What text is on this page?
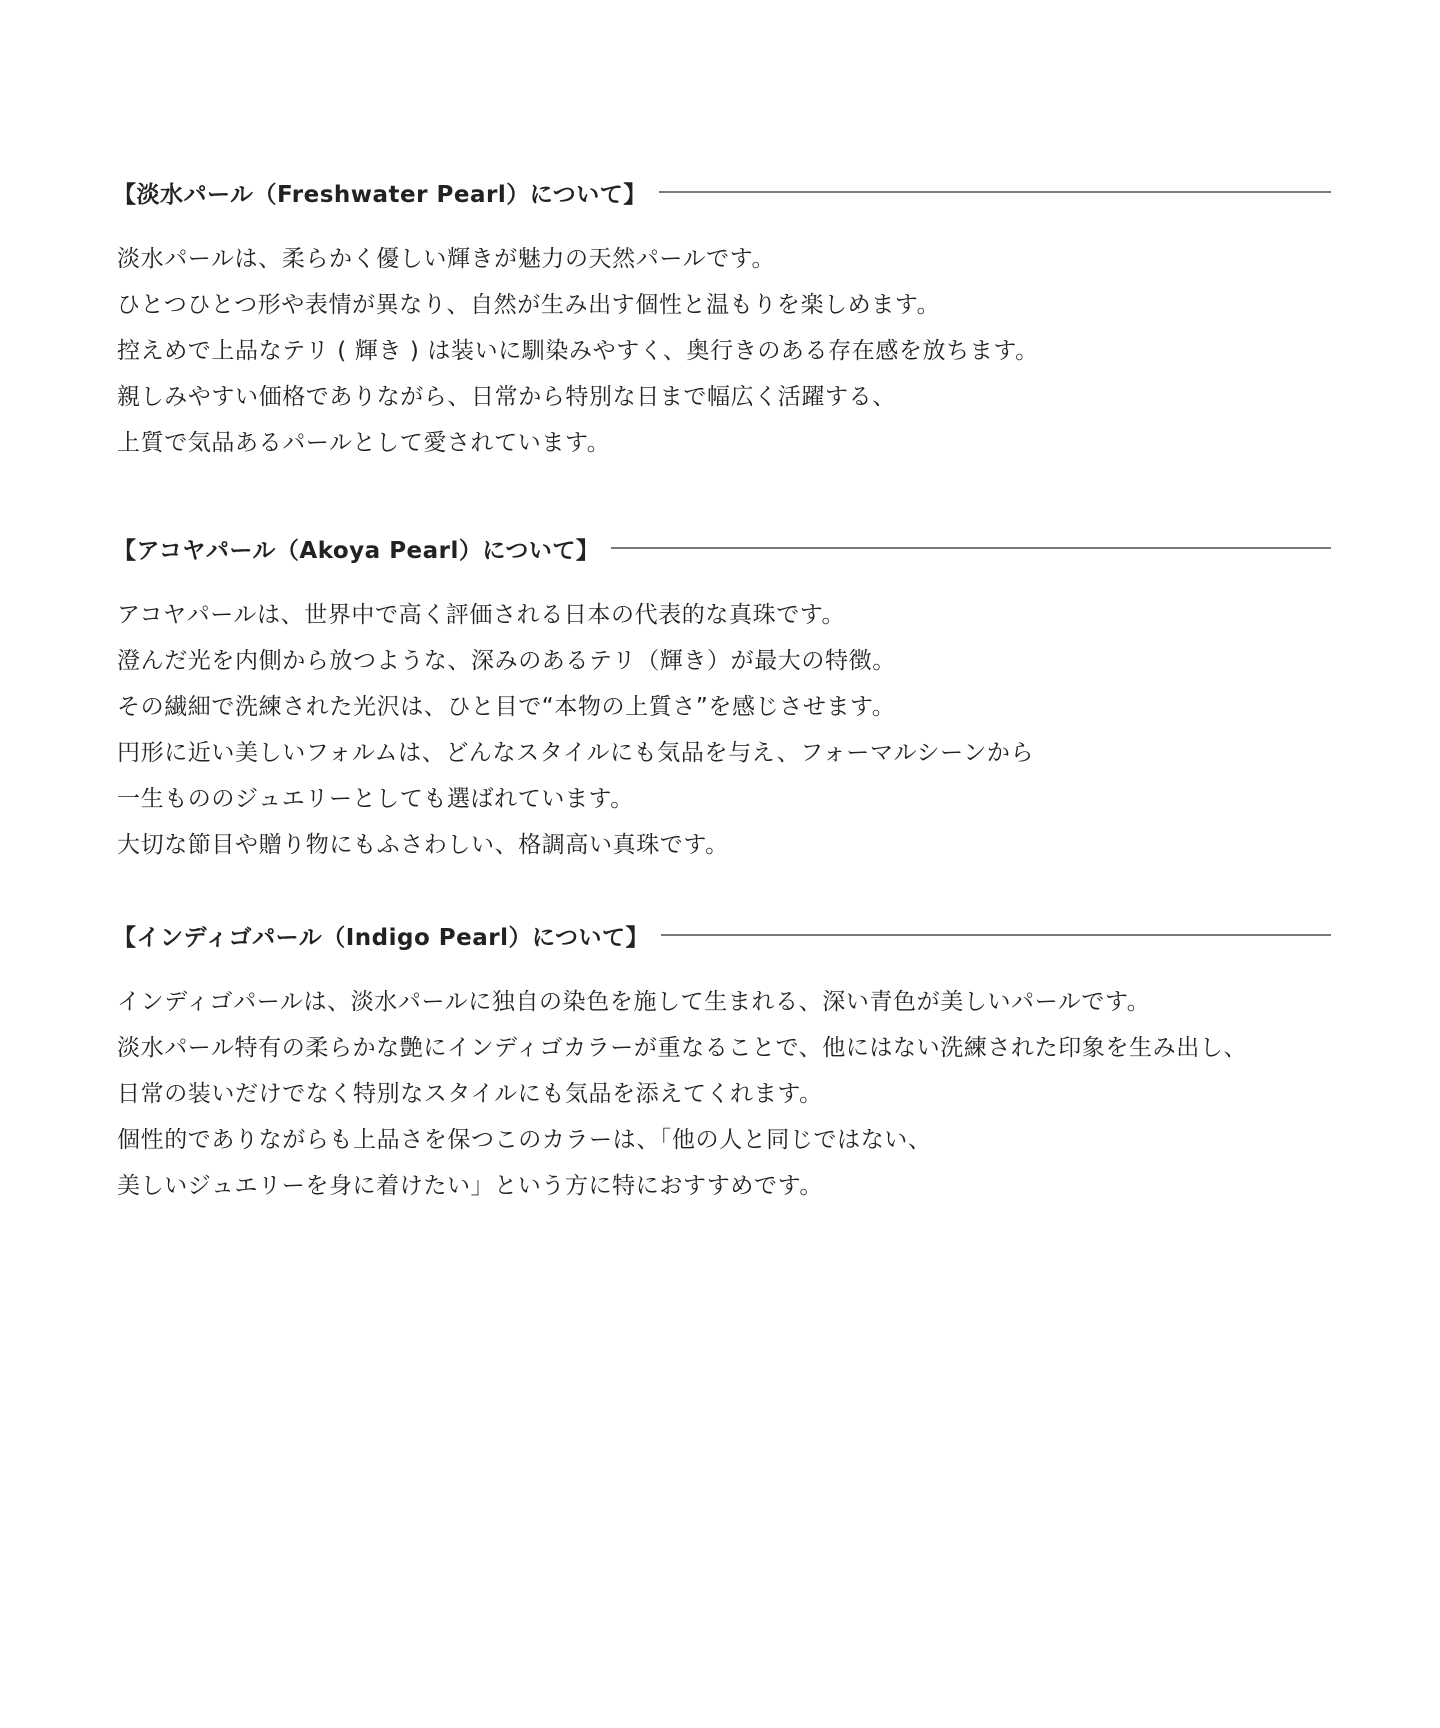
【淡水パール（Freshwater Pearl）について】
淡水パールは、柔らかく優しい輝きが魅力の天然パールです。
ひとつひとつ形や表情が異なり、自然が生み出す個性と温もりを楽しめます。
控えめで上品なテリ ( 輝き ) は装いに馴染みやすく、奥行きのある存在感を放ちます。
親しみやすい価格でありながら、日常から特別な日まで幅広く活躍する、
上質で気品あるパールとして愛されています。
【アコヤパール（Akoya Pearl）について】
アコヤパールは、世界中で高く評価される日本の代表的な真珠です。
澄んだ光を内側から放つような、深みのあるテリ（輝き）が最大の特徴。
その繊細で洗練された光沢は、ひと目で“本物の上質さ”を感じさせます。
円形に近い美しいフォルムは、どんなスタイルにも気品を与え、フォーマルシーンから
一生もののジュエリーとしても選ばれています。
大切な節目や贈り物にもふさわしい、格調高い真珠です。
【インディゴパール（Indigo Pearl）について】
インディゴパールは、淡水パールに独自の染色を施して生まれる、深い青色が美しいパールです。
淡水パール特有の柔らかな艶にインディゴカラーが重なることで、他にはない洗練された印象を生み出し、
日常の装いだけでなく特別なスタイルにも気品を添えてくれます。
個性的でありながらも上品さを保つこのカラーは、「他の人と同じではない、
美しいジュエリーを身に着けたい」という方に特におすすめです。
